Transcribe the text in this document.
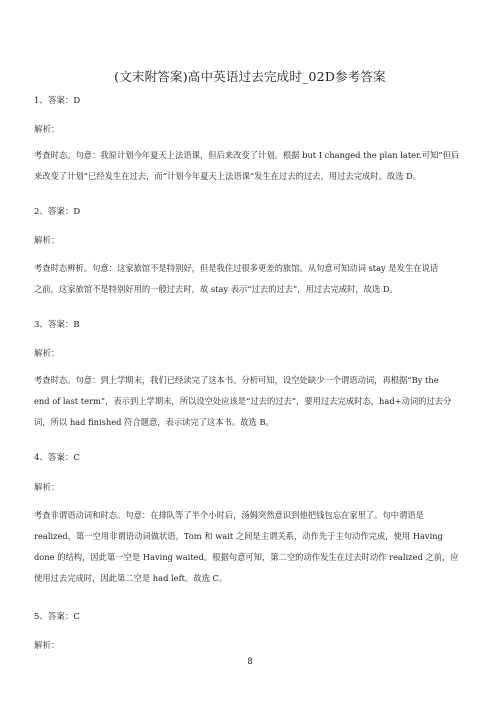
(文末附答案)高中英语过去完成时_02D参考答案
1、答案：D
解析：
考查时态。句意：我原计划今年夏天上法语课，但后来改变了计划。根据 but I changed the plan later.可知“但后
来改变了计划”已经发生在过去，而“计划今年夏天上法语课”发生在过去的过去，用过去完成时。故选 D。
2、答案：D
解析：
考查时态辨析。句意：这家旅馆不是特别好，但是我住过很多更差的旅馆。从句意可知动词 stay 是发生在说话
之前，这家旅馆不是特别好用的一般过去时，故 stay 表示“过去的过去”，用过去完成时，故选 D。
3、答案：B
解析：
考查时态。句意：到上学期末，我们已经读完了这本书。分析可知，设空处缺少一个谓语动词，再根据“By the
end of last term”，表示到上学期末，所以设空处应该是“过去的过去”，要用过去完成时态，had+动词的过去分
词，所以 had finished 符合题意，表示读完了这本书。故选 B。
4、答案：C
解析：
考查非谓语动词和时态。句意：在排队等了半个小时后，汤姆突然意识到他把钱包忘在家里了。句中谓语是
realized，第一空用非谓语动词做状语，Tom 和 wait 之间是主谓关系，动作先于主句动作完成，使用 Having
done 的结构，因此第一空是 Having waited。根据句意可知，第二空的动作发生在过去时动作 realized 之前，应
使用过去完成时，因此第二空是 had left。故选 C。
5、答案：C
解析：
8
